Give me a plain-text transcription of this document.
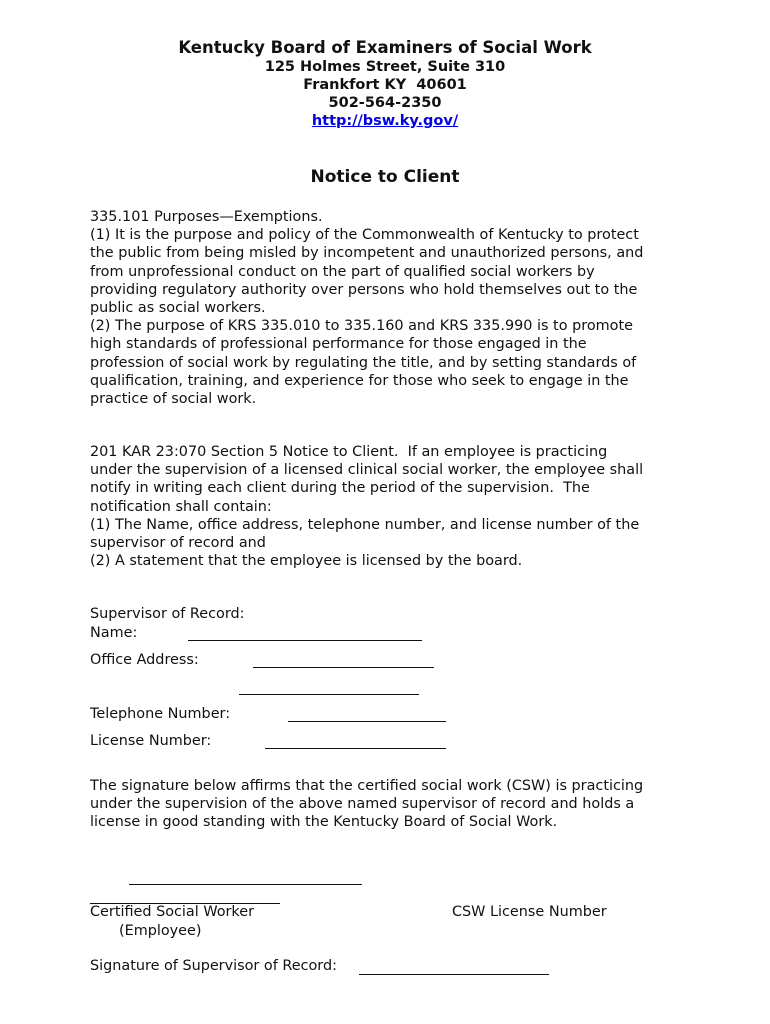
Kentucky Board of Examiners of Social Work
125 Holmes Street, Suite 310
Frankfort KY  40601
502-564-2350
http://bsw.ky.gov/
Notice to Client
335.101 Purposes—Exemptions.
(1) It is the purpose and policy of the Commonwealth of Kentucky to protect
the public from being misled by incompetent and unauthorized persons, and
from unprofessional conduct on the part of qualified social workers by
providing regulatory authority over persons who hold themselves out to the
public as social workers.
(2) The purpose of KRS 335.010 to 335.160 and KRS 335.990 is to promote
high standards of professional performance for those engaged in the
profession of social work by regulating the title, and by setting standards of
qualification, training, and experience for those who seek to engage in the
practice of social work.
201 KAR 23:070 Section 5 Notice to Client.  If an employee is practicing
under the supervision of a licensed clinical social worker, the employee shall
notify in writing each client during the period of the supervision.  The
notification shall contain:
(1) The Name, office address, telephone number, and license number of the
supervisor of record and
(2) A statement that the employee is licensed by the board.
Supervisor of Record:
Name:
Office Address:
Telephone Number:
License Number:
The signature below affirms that the certified social work (CSW) is practicing
under the supervision of the above named supervisor of record and holds a
license in good standing with the Kentucky Board of Social Work.
Certified Social Worker	CSW License Number
(Employee)
Signature of Supervisor of Record:
